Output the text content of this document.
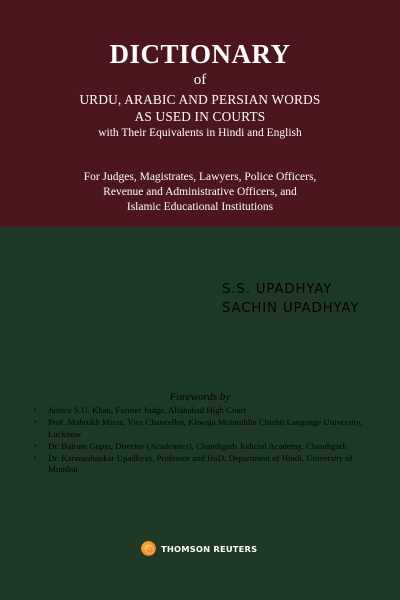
DICTIONARY
of
URDU, ARABIC AND PERSIAN WORDS
AS USED IN COURTS
with Their Equivalents in Hindi and English
For Judges, Magistrates, Lawyers, Police Officers,
Revenue and Administrative Officers, and
Islamic Educational Institutions
S.S. UPADHYAY
SACHIN UPADHYAY
Forewords by
• Justice S.U. Khan, Former Judge, Allahabad High Court
• Prof. Mahrukh Mirza, Vice Chancellor, Khwaja Moinuddin Chishti Language University, Lucknow
• Dr. Balram Gupta, Director (Academics), Chandigarh Judicial Academy, Chandigarh
• Dr. Karunashankar Upadhyay, Professor and HoD, Department of Hindi, University of Mumbai
THOMSON REUTERS
